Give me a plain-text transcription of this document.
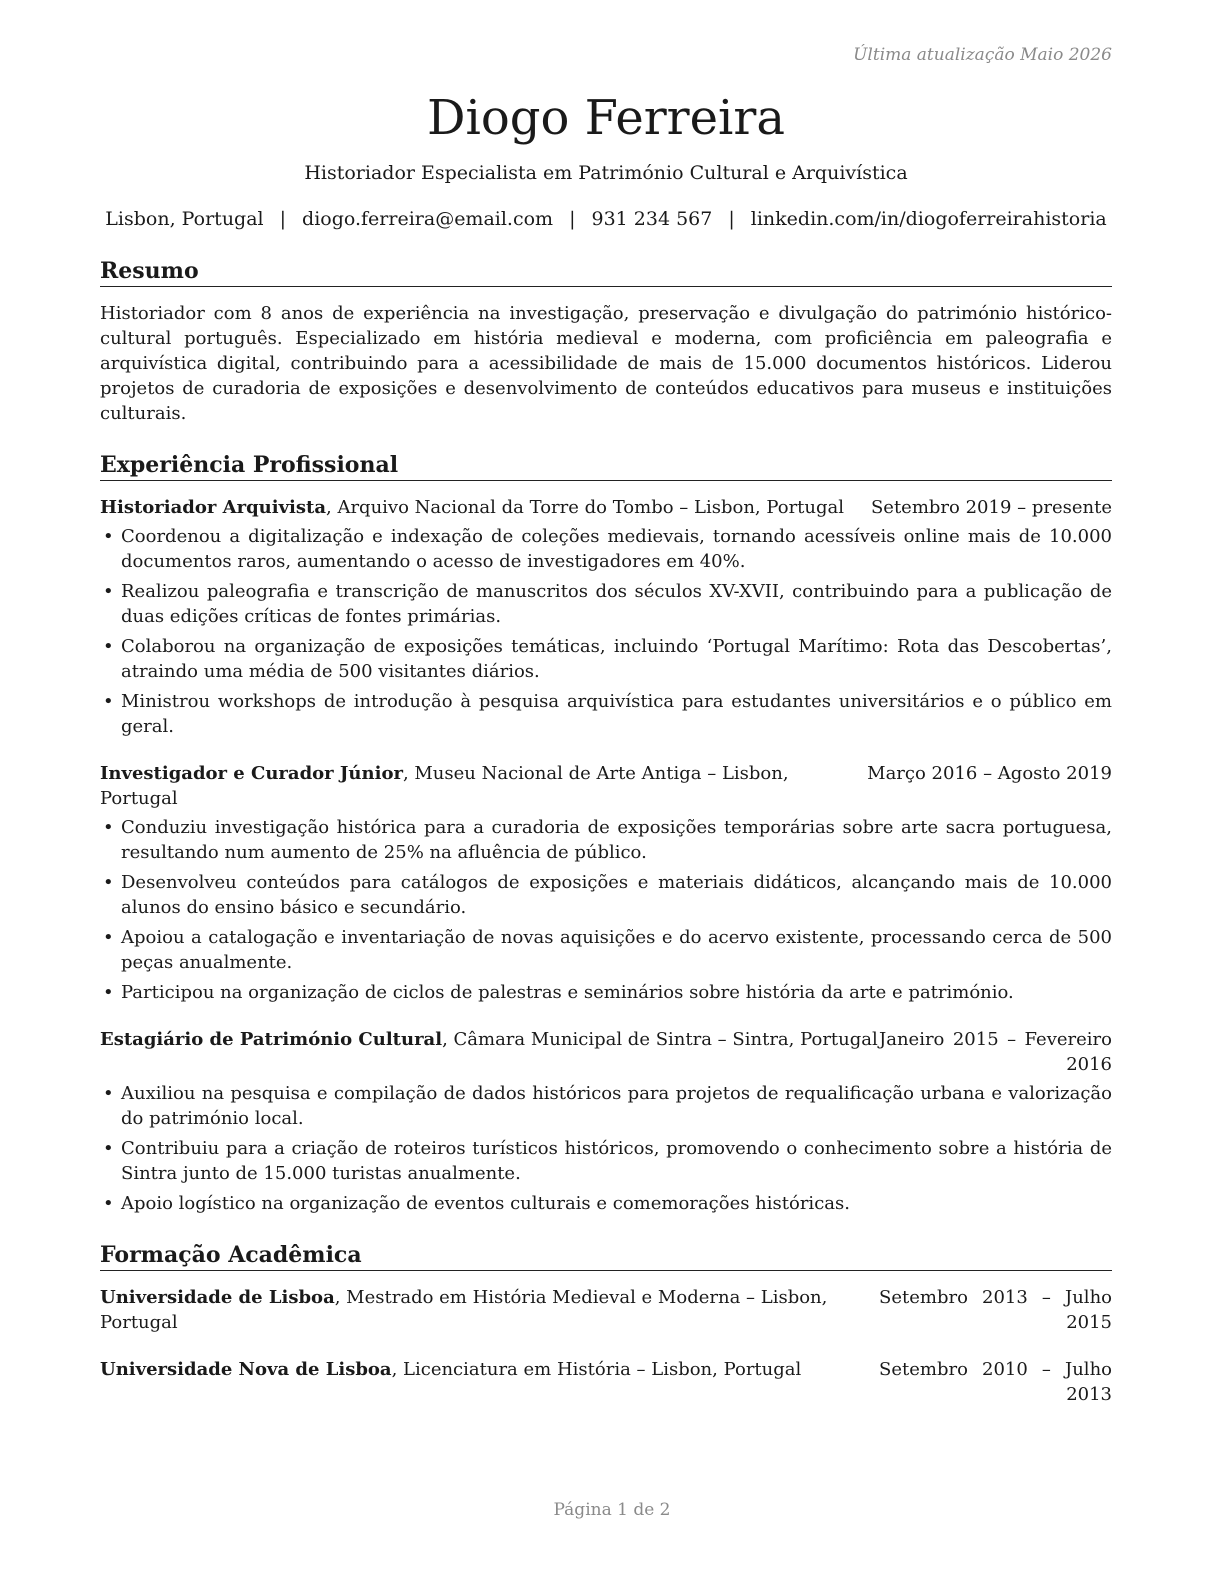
Última atualização Maio 2026
Diogo Ferreira
Historiador Especialista em Património Cultural e Arquivística
Lisbon, Portugal | diogo.ferreira@email.com | 931 234 567 | linkedin.com/in/diogoferreirahistoria
Resumo
Historiador com 8 anos de experiência na investigação, preservação e divulgação do património histórico-cultural português. Especializado em história medieval e moderna, com proficiência em paleografia e arquivística digital, contribuindo para a acessibilidade de mais de 15.000 documentos históricos. Liderou projetos de curadoria de exposições e desenvolvimento de conteúdos educativos para museus e instituições culturais.
Experiência Profissional
Historiador Arquivista, Arquivo Nacional da Torre do Tombo – Lisbon, Portugal	Setembro 2019 – presente
• Coordenou a digitalização e indexação de coleções medievais, tornando acessíveis online mais de 10.000 documentos raros, aumentando o acesso de investigadores em 40%.
• Realizou paleografia e transcrição de manuscritos dos séculos XV-XVII, contribuindo para a publicação de duas edições críticas de fontes primárias.
• Colaborou na organização de exposições temáticas, incluindo ‘Portugal Marítimo: Rota das Descobertas’, atraindo uma média de 500 visitantes diários.
• Ministrou workshops de introdução à pesquisa arquivística para estudantes universitários e o público em geral.
Investigador e Curador Júnior, Museu Nacional de Arte Antiga – Lisbon, Portugal
Março 2016 – Agosto 2019
• Conduziu investigação histórica para a curadoria de exposições temporárias sobre arte sacra portuguesa, resultando num aumento de 25% na afluência de público.
• Desenvolveu conteúdos para catálogos de exposições e materiais didáticos, alcançando mais de 10.000 alunos do ensino básico e secundário.
• Apoiou a catalogação e inventariação de novas aquisições e do acervo existente, processando cerca de 500 peças anualmente.
• Participou na organização de ciclos de palestras e seminários sobre história da arte e património.
Estagiário de Património Cultural, Câmara Municipal de Sintra – Sintra, Portugal Janeiro 2015 – Fevereiro 2016
• Auxiliou na pesquisa e compilação de dados históricos para projetos de requalificação urbana e valorização do património local.
• Contribuiu para a criação de roteiros turísticos históricos, promovendo o conhecimento sobre a história de Sintra junto de 15.000 turistas anualmente.
• Apoio logístico na organização de eventos culturais e comemorações históricas.
Formação Acadêmica
Universidade de Lisboa, Mestrado em História Medieval e Moderna – Lisbon, Portugal
Setembro 2013 – Julho 2015
Universidade Nova de Lisboa, Licenciatura em História – Lisbon, Portugal	Setembro 2010 – Julho 2013
Página 1 de 2
